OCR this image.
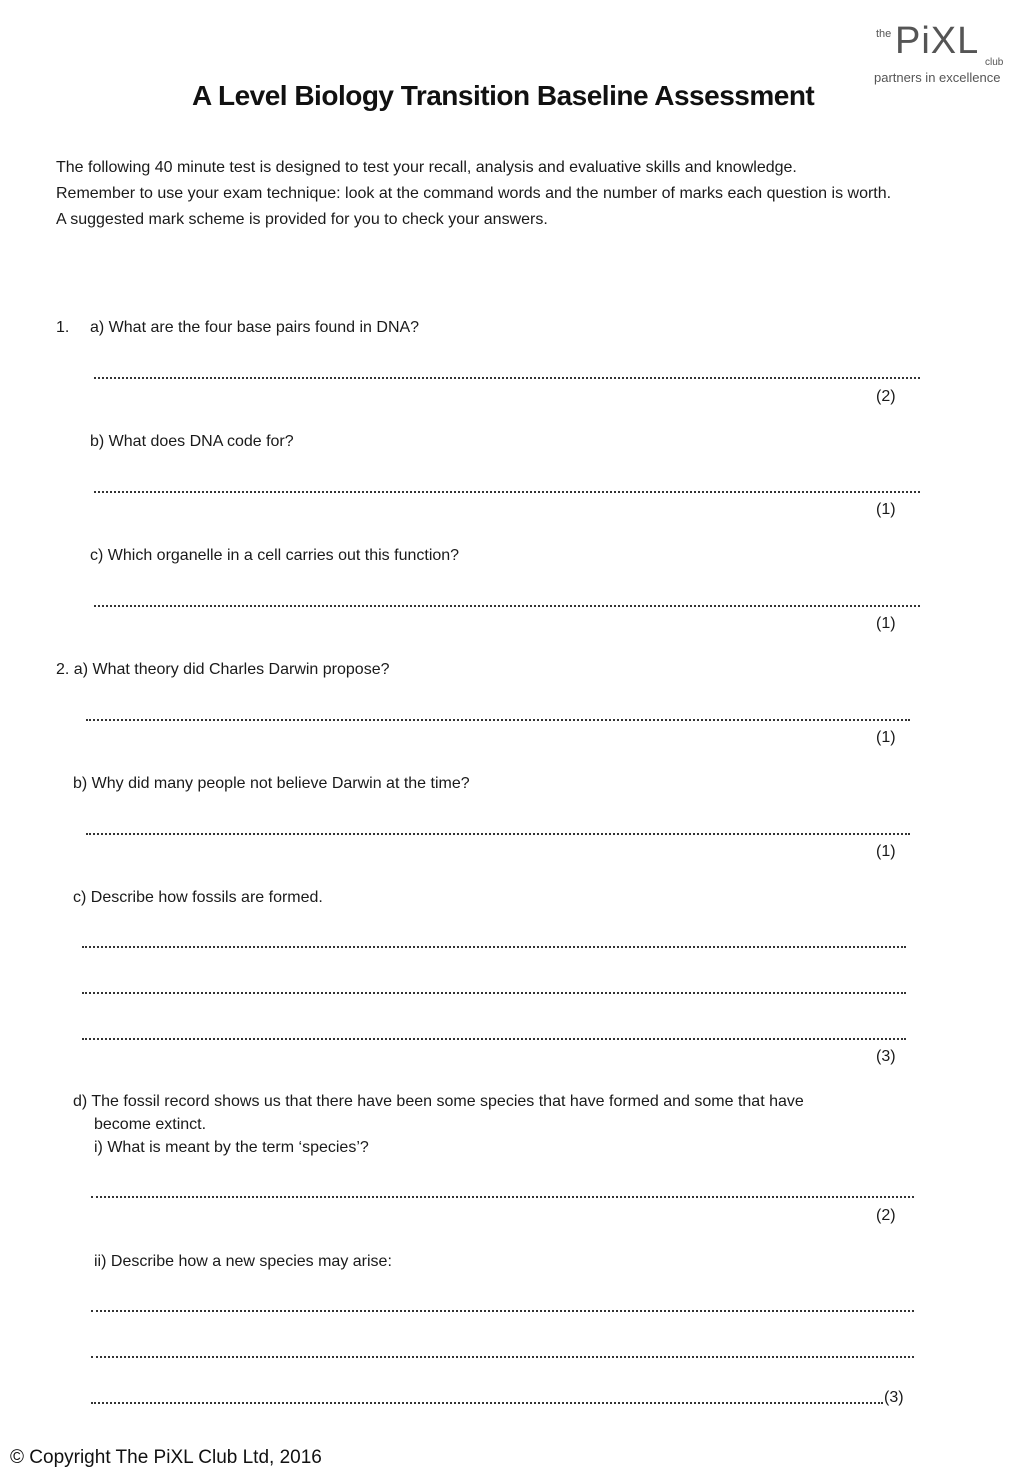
the PiXL
club
partners in excellence
A Level Biology Transition Baseline Assessment
The following 40 minute test is designed to test your recall, analysis and evaluative skills and knowledge.
Remember to use your exam technique: look at the command words and the number of marks each question is worth.
A suggested mark scheme is provided for you to check your answers.
1. a) What are the four base pairs found in DNA?
(2)
b) What does DNA code for?
(1)
c) Which organelle in a cell carries out this function?
(1)
2. a) What theory did Charles Darwin propose?
(1)
b) Why did many people not believe Darwin at the time?
(1)
c) Describe how fossils are formed.
(3)
d) The fossil record shows us that there have been some species that have formed and some that have
become extinct.
i) What is meant by the term ‘species’?
(2)
ii) Describe how a new species may arise:
(3)
© Copyright The PiXL Club Ltd, 2016
